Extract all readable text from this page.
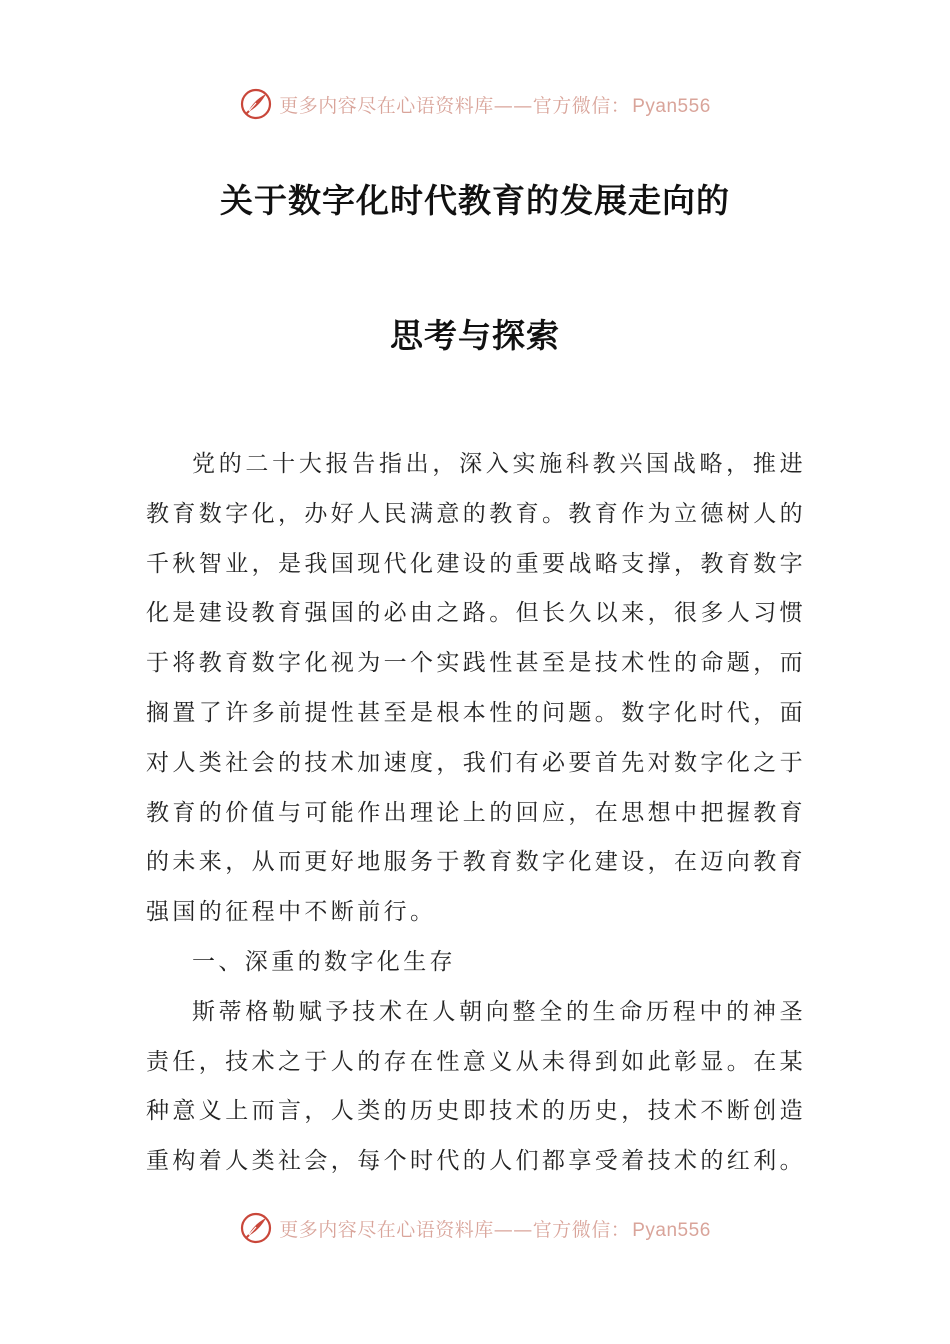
更多内容尽在心语资料库——官方微信： Pyan556
关于数字化时代教育的发展走向的
思考与探索

党的二十大报告指出，深入实施科教兴国战略，推进教育数字化，办好人民满意的教育。教育作为立德树人的千秋智业，是我国现代化建设的重要战略支撑，教育数字化是建设教育强国的必由之路。但长久以来，很多人习惯于将教育数字化视为一个实践性甚至是技术性的命题，而搁置了许多前提性甚至是根本性的问题。数字化时代，面对人类社会的技术加速度，我们有必要首先对数字化之于教育的价值与可能作出理论上的回应，在思想中把握教育的未来，从而更好地服务于教育数字化建设，在迈向教育强国的征程中不断前行。

一、深重的数字化生存

斯蒂格勒赋予技术在人朝向整全的生命历程中的神圣责任，技术之于人的存在性意义从未得到如此彰显。在某种意义上而言，人类的历史即技术的历史，技术不断创造重构着人类社会，每个时代的人们都享受着技术的红利。

更多内容尽在心语资料库——官方微信： Pyan556
